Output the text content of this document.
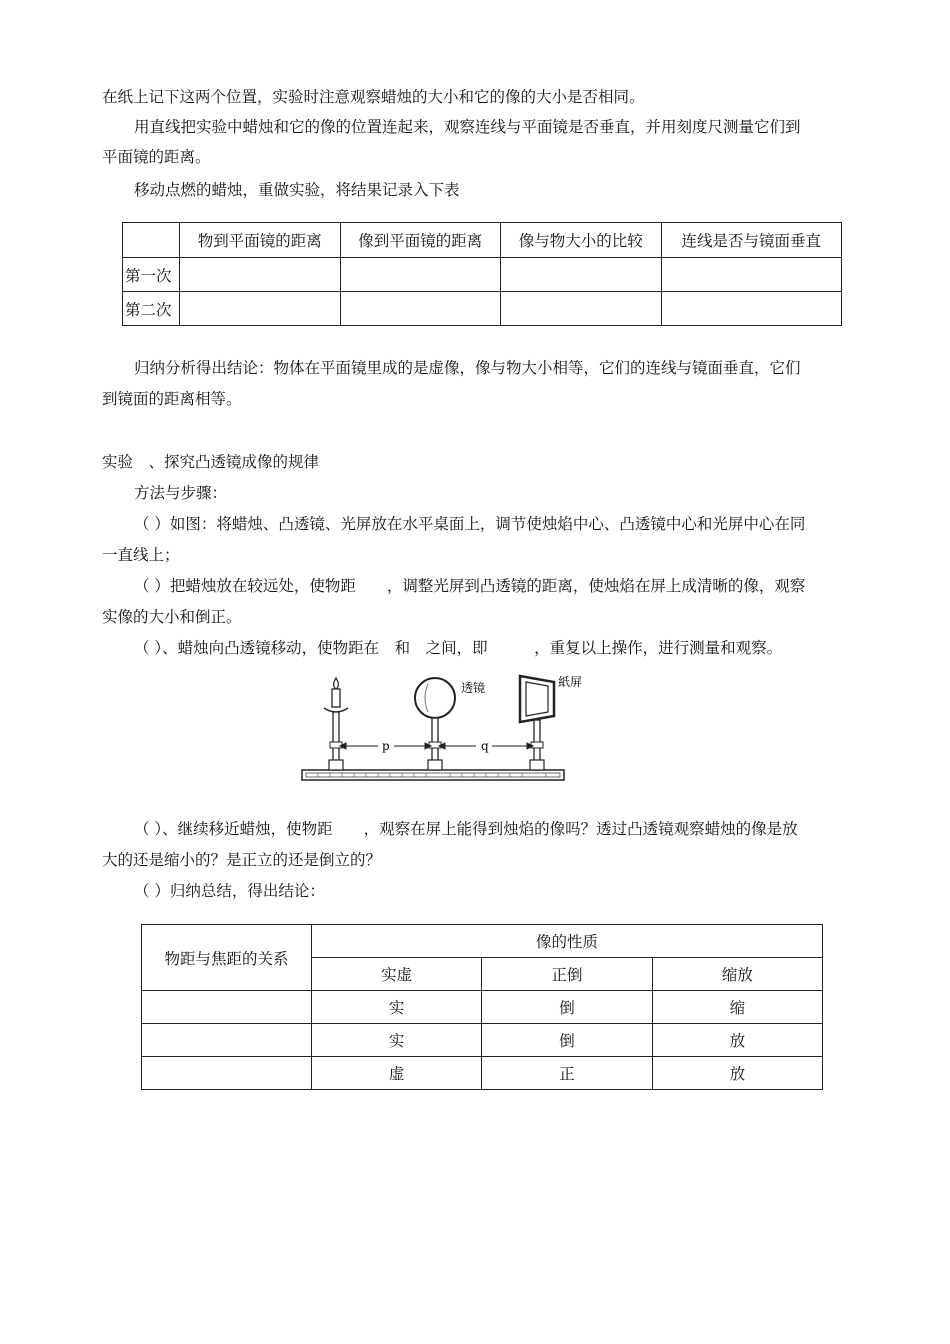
在纸上记下这两个位置，实验时注意观察蜡烛的大小和它的像的大小是否相同。

用直线把实验中蜡烛和它的像的位置连起来，观察连线与平面镜是否垂直，并用刻度尺测量它们到

平面镜的距离。

移动点燃的蜡烛，重做实验，将结果记录入下表

	物到平面镜的距离	像到平面镜的距离	像与物大小的比较	连线是否与镜面垂直
第一次				
第二次				

归纳分析得出结论：物体在平面镜里成的是虚像，像与物大小相等，它们的连线与镜面垂直，它们

到镜面的距离相等。

实验　、探究凸透镜成像的规律

方法与步骤：

（ ）如图：将蜡烛、凸透镜、光屏放在水平桌面上，调节使烛焰中心、凸透镜中心和光屏中心在同

一直线上；

（ ）把蜡烛放在较远处，使物距　　，调整光屏到凸透镜的距离，使烛焰在屏上成清晰的像，观察

实像的大小和倒正。

（ ）、蜡烛向凸透镜移动，使物距在　和　之间，即　　　，重复以上操作，进行测量和观察。

透镜	紙屏
p	q

（ ）、继续移近蜡烛，使物距　　，观察在屏上能得到烛焰的像吗？透过凸透镜观察蜡烛的像是放

大的还是缩小的？是正立的还是倒立的？

（ ）归纳总结，得出结论：

物距与焦距的关系	像的性质		
	实虚	正倒	缩放
	实	倒	缩
	实	倒	放
	虚	正	放
